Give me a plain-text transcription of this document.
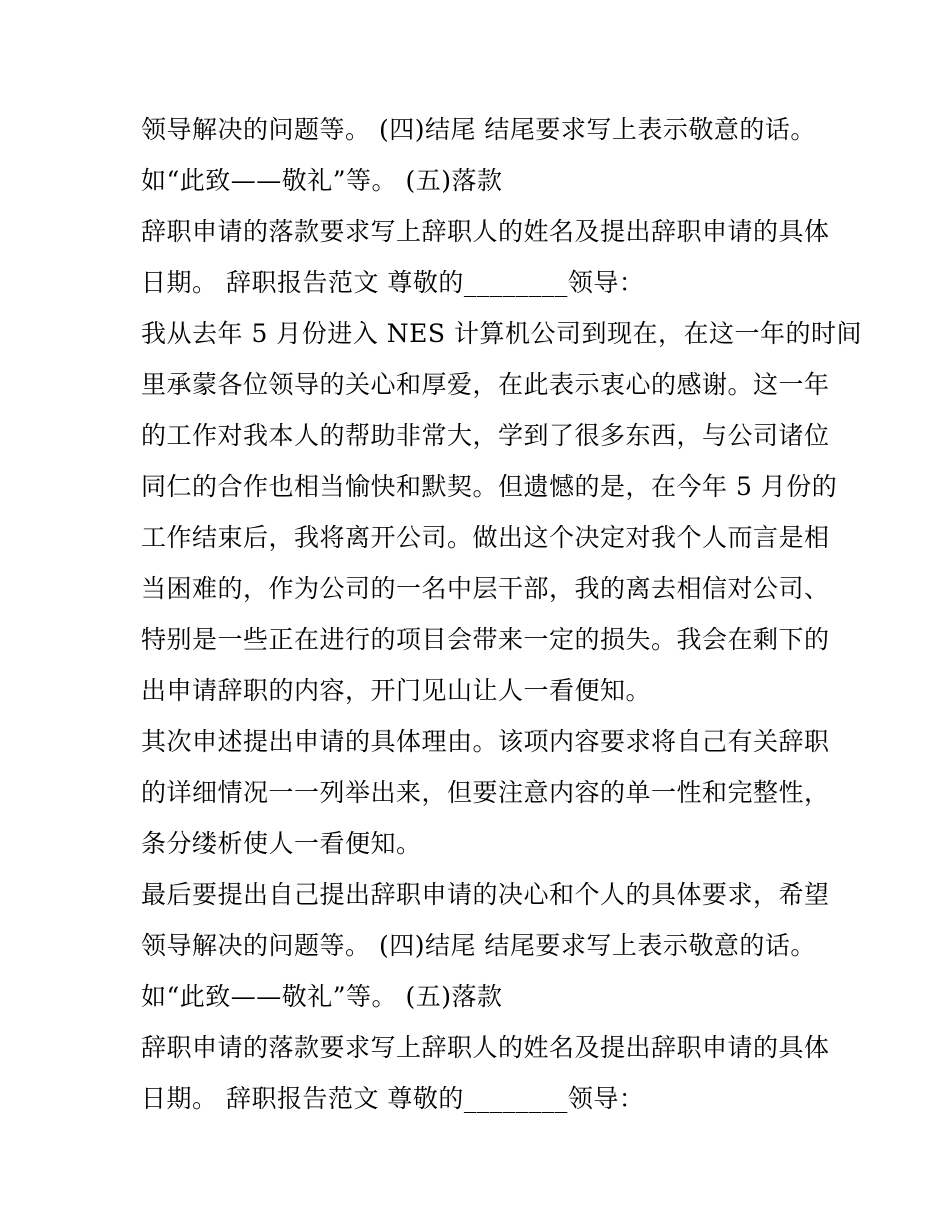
领导解决的问题等。 (四)结尾 结尾要求写上表示敬意的话。
如“此致——敬礼”等。 (五)落款
辞职申请的落款要求写上辞职人的姓名及提出辞职申请的具体
日期。 辞职报告范文 尊敬的________领导：
我从去年 5 月份进入 NES 计算机公司到现在，在这一年的时间
里承蒙各位领导的关心和厚爱，在此表示衷心的感谢。这一年
的工作对我本人的帮助非常大，学到了很多东西，与公司诸位
同仁的合作也相当愉快和默契。但遗憾的是，在今年 5 月份的
工作结束后，我将离开公司。做出这个决定对我个人而言是相
当困难的，作为公司的一名中层干部，我的离去相信对公司、
特别是一些正在进行的项目会带来一定的损失。我会在剩下的
出申请辞职的内容，开门见山让人一看便知。
其次申述提出申请的具体理由。该项内容要求将自己有关辞职
的详细情况一一列举出来，但要注意内容的单一性和完整性，
条分缕析使人一看便知。
最后要提出自己提出辞职申请的决心和个人的具体要求，希望
领导解决的问题等。 (四)结尾 结尾要求写上表示敬意的话。
如“此致——敬礼”等。 (五)落款
辞职申请的落款要求写上辞职人的姓名及提出辞职申请的具体
日期。 辞职报告范文 尊敬的________领导：
